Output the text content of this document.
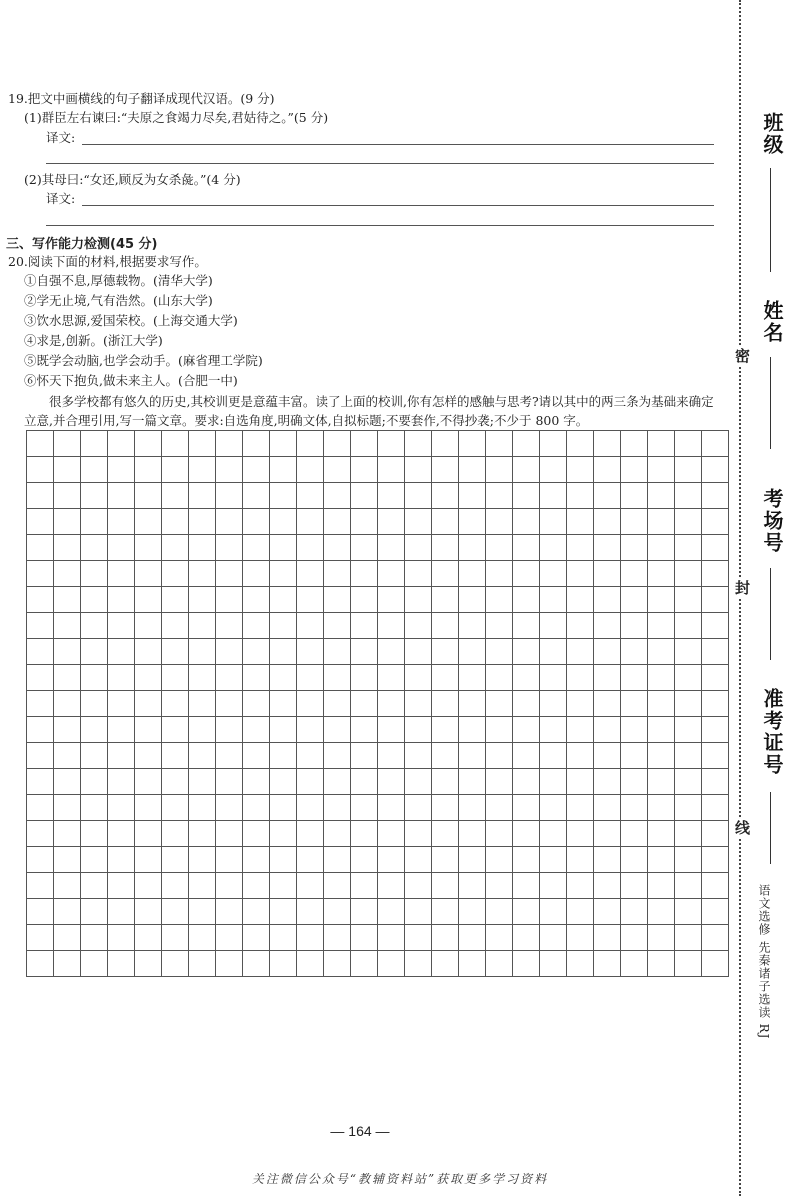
19.把文中画横线的句子翻译成现代汉语。(9 分)
(1)群臣左右谏曰:“夫原之食竭力尽矣,君姑待之。”(5 分)
译文:
(2)其母曰:“女还,顾反为女杀彘。”(4 分)
译文:
三、写作能力检测(45 分)
20.阅读下面的材料,根据要求写作。
①自强不息,厚德载物。(清华大学)
②学无止境,气有浩然。(山东大学)
③饮水思源,爱国荣校。(上海交通大学)
④求是,创新。(浙江大学)
⑤既学会动脑,也学会动手。(麻省理工学院)
⑥怀天下抱负,做未来主人。(合肥一中)
很多学校都有悠久的历史,其校训更是意蕴丰富。读了上面的校训,你有怎样的感触与思考?请以其中的两三条为基础来确定立意,并合理引用,写一篇文章。要求:自选角度,明确文体,自拟标题;不要套作,不得抄袭;不少于 800 字。

班级
姓名
考场号
准考证号
密
封
线
语文选修 先秦诸子选读 RJ
— 164 —
关注微信公众号“教辅资料站”获取更多学习资料
